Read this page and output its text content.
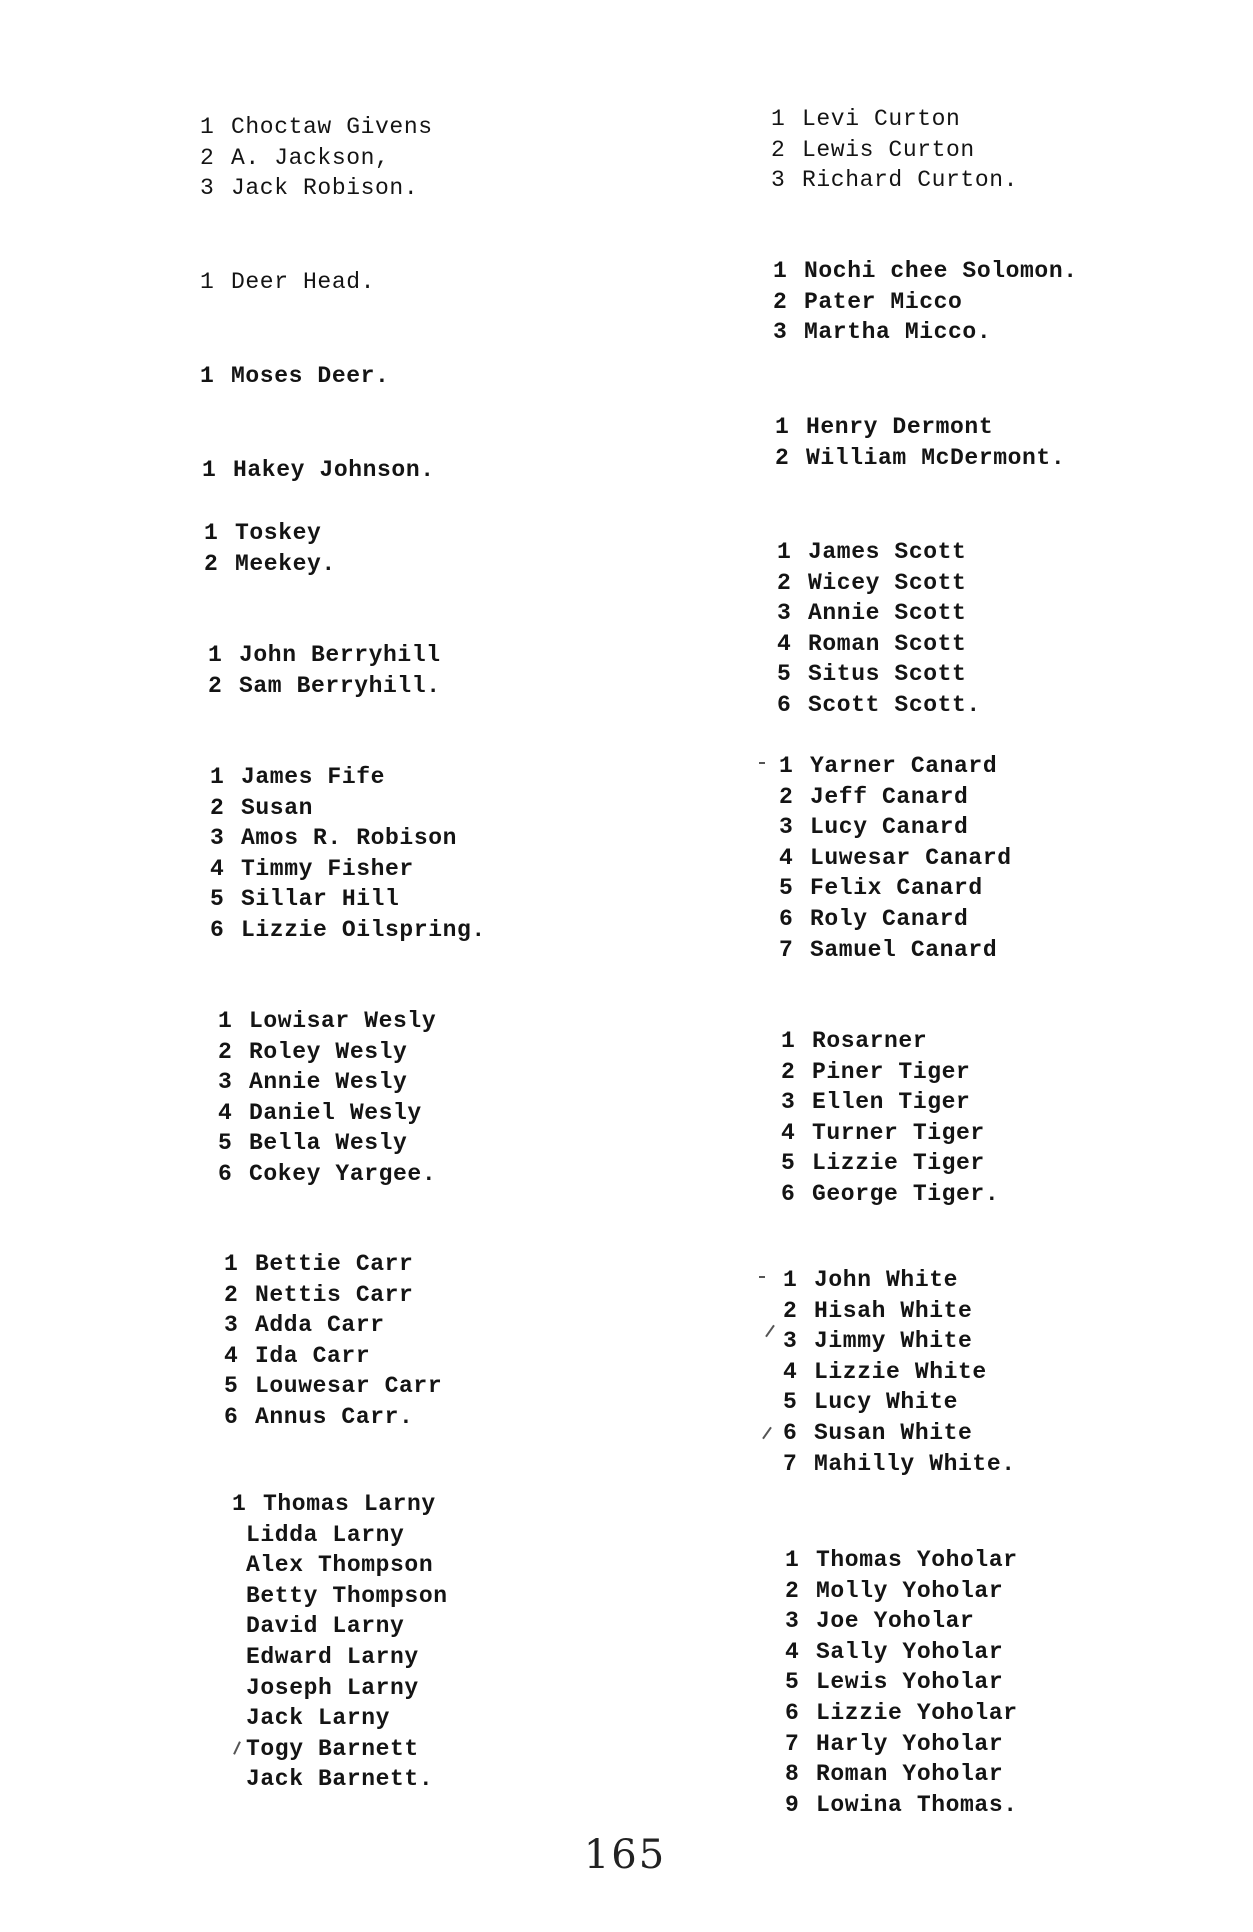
1 Choctaw Givens
2 A. Jackson,
3 Jack Robison.
1 Deer Head.
1 Moses Deer.
1 Hakey Johnson.
1 Toskey
2 Meekey.
1 John Berryhill
2 Sam Berryhill.
1 James Fife
2 Susan
3 Amos R. Robison
4 Timmy Fisher
5 Sillar Hill
6 Lizzie Oilspring.
1 Lowisar Wesly
2 Roley Wesly
3 Annie Wesly
4 Daniel Wesly
5 Bella Wesly
6 Cokey Yargee.
1 Bettie Carr
2 Nettis Carr
3 Adda Carr
4 Ida Carr
5 Louwesar Carr
6 Annus Carr.
1 Thomas Larny
Lidda Larny
Alex Thompson
Betty Thompson
David Larny
Edward Larny
Joseph Larny
Jack Larny
Togy Barnett
Jack Barnett.
1 Levi Curton
2 Lewis Curton
3 Richard Curton.
1 Nochi chee Solomon.
2 Pater Micco
3 Martha Micco.
1 Henry Dermont
2 William McDermont.
1 James Scott
2 Wicey Scott
3 Annie Scott
4 Roman Scott
5 Situs Scott
6 Scott Scott.
1 Yarner Canard
2 Jeff Canard
3 Lucy Canard
4 Luwesar Canard
5 Felix Canard
6 Roly Canard
7 Samuel Canard
1 Rosarner
2 Piner Tiger
3 Ellen Tiger
4 Turner Tiger
5 Lizzie Tiger
6 George Tiger.
1 John White
2 Hisah White
3 Jimmy White
4 Lizzie White
5 Lucy White
6 Susan White
7 Mahilly White.
1 Thomas Yoholar
2 Molly Yoholar
3 Joe Yoholar
4 Sally Yoholar
5 Lewis Yoholar
6 Lizzie Yoholar
7 Harly Yoholar
8 Roman Yoholar
9 Lowina Thomas.
165
